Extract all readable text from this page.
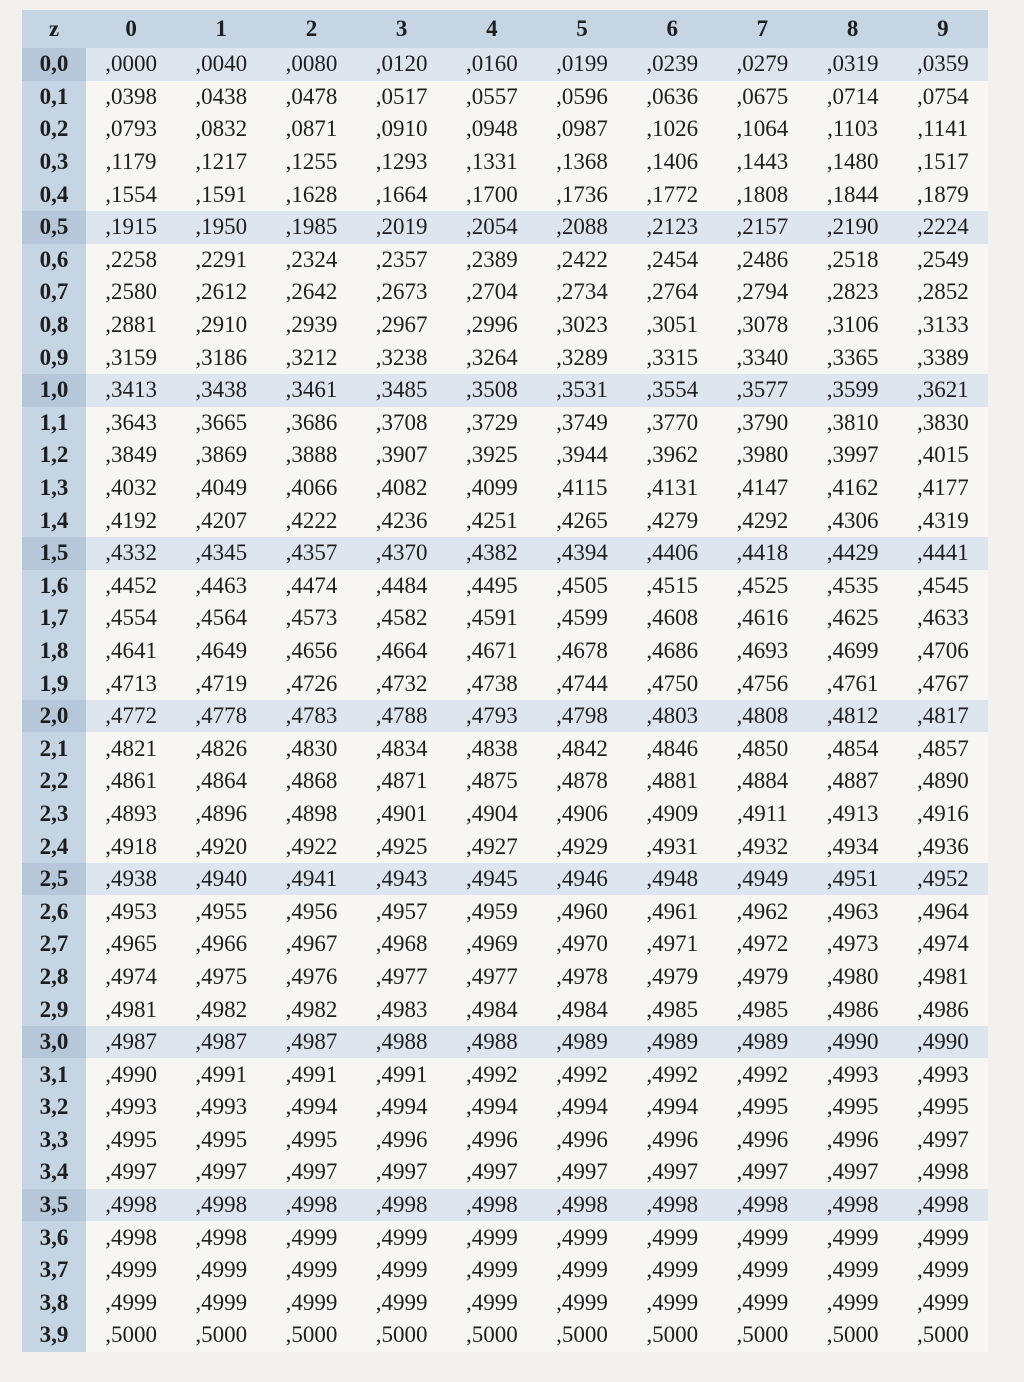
z	0	1	2	3	4	5	6	7	8	9
0,0	,0000	,0040	,0080	,0120	,0160	,0199	,0239	,0279	,0319	,0359
0,1	,0398	,0438	,0478	,0517	,0557	,0596	,0636	,0675	,0714	,0754
0,2	,0793	,0832	,0871	,0910	,0948	,0987	,1026	,1064	,1103	,1141
0,3	,1179	,1217	,1255	,1293	,1331	,1368	,1406	,1443	,1480	,1517
0,4	,1554	,1591	,1628	,1664	,1700	,1736	,1772	,1808	,1844	,1879
0,5	,1915	,1950	,1985	,2019	,2054	,2088	,2123	,2157	,2190	,2224
0,6	,2258	,2291	,2324	,2357	,2389	,2422	,2454	,2486	,2518	,2549
0,7	,2580	,2612	,2642	,2673	,2704	,2734	,2764	,2794	,2823	,2852
0,8	,2881	,2910	,2939	,2967	,2996	,3023	,3051	,3078	,3106	,3133
0,9	,3159	,3186	,3212	,3238	,3264	,3289	,3315	,3340	,3365	,3389
1,0	,3413	,3438	,3461	,3485	,3508	,3531	,3554	,3577	,3599	,3621
1,1	,3643	,3665	,3686	,3708	,3729	,3749	,3770	,3790	,3810	,3830
1,2	,3849	,3869	,3888	,3907	,3925	,3944	,3962	,3980	,3997	,4015
1,3	,4032	,4049	,4066	,4082	,4099	,4115	,4131	,4147	,4162	,4177
1,4	,4192	,4207	,4222	,4236	,4251	,4265	,4279	,4292	,4306	,4319
1,5	,4332	,4345	,4357	,4370	,4382	,4394	,4406	,4418	,4429	,4441
1,6	,4452	,4463	,4474	,4484	,4495	,4505	,4515	,4525	,4535	,4545
1,7	,4554	,4564	,4573	,4582	,4591	,4599	,4608	,4616	,4625	,4633
1,8	,4641	,4649	,4656	,4664	,4671	,4678	,4686	,4693	,4699	,4706
1,9	,4713	,4719	,4726	,4732	,4738	,4744	,4750	,4756	,4761	,4767
2,0	,4772	,4778	,4783	,4788	,4793	,4798	,4803	,4808	,4812	,4817
2,1	,4821	,4826	,4830	,4834	,4838	,4842	,4846	,4850	,4854	,4857
2,2	,4861	,4864	,4868	,4871	,4875	,4878	,4881	,4884	,4887	,4890
2,3	,4893	,4896	,4898	,4901	,4904	,4906	,4909	,4911	,4913	,4916
2,4	,4918	,4920	,4922	,4925	,4927	,4929	,4931	,4932	,4934	,4936
2,5	,4938	,4940	,4941	,4943	,4945	,4946	,4948	,4949	,4951	,4952
2,6	,4953	,4955	,4956	,4957	,4959	,4960	,4961	,4962	,4963	,4964
2,7	,4965	,4966	,4967	,4968	,4969	,4970	,4971	,4972	,4973	,4974
2,8	,4974	,4975	,4976	,4977	,4977	,4978	,4979	,4979	,4980	,4981
2,9	,4981	,4982	,4982	,4983	,4984	,4984	,4985	,4985	,4986	,4986
3,0	,4987	,4987	,4987	,4988	,4988	,4989	,4989	,4989	,4990	,4990
3,1	,4990	,4991	,4991	,4991	,4992	,4992	,4992	,4992	,4993	,4993
3,2	,4993	,4993	,4994	,4994	,4994	,4994	,4994	,4995	,4995	,4995
3,3	,4995	,4995	,4995	,4996	,4996	,4996	,4996	,4996	,4996	,4997
3,4	,4997	,4997	,4997	,4997	,4997	,4997	,4997	,4997	,4997	,4998
3,5	,4998	,4998	,4998	,4998	,4998	,4998	,4998	,4998	,4998	,4998
3,6	,4998	,4998	,4999	,4999	,4999	,4999	,4999	,4999	,4999	,4999
3,7	,4999	,4999	,4999	,4999	,4999	,4999	,4999	,4999	,4999	,4999
3,8	,4999	,4999	,4999	,4999	,4999	,4999	,4999	,4999	,4999	,4999
3,9	,5000	,5000	,5000	,5000	,5000	,5000	,5000	,5000	,5000	,5000
